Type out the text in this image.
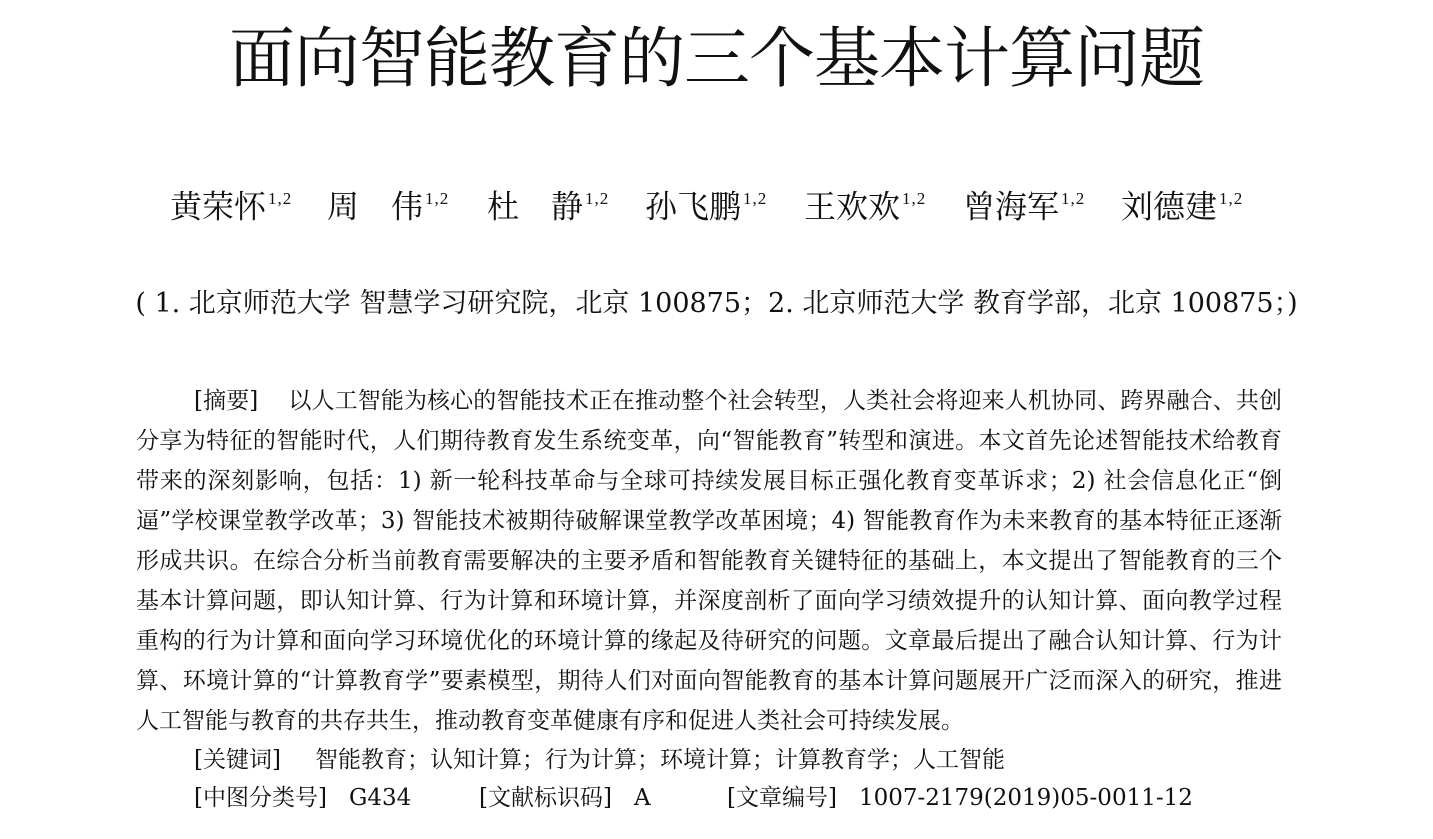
面向智能教育的三个基本计算问题
黄荣怀 $^{1,2}$ 周　伟 $^{1,2}$ 杜　静 $^{1,2}$ 孙飞鹏 $^{1,2}$ 王欢欢 $^{1,2}$ 曾海军 $^{1,2}$ 刘德建 $^{1,2}$
( 1. 北京师范大学 智慧学习研究院，北京 100875；2. 北京师范大学 教育学部，北京 100875；)

[摘要] 以人工智能为核心的智能技术正在推动整个社会转型，人类社会将迎来人机协同、跨界融合、共创分享为特征的智能时代，人们期待教育发生系统变革，向“智能教育”转型和演进。本文首先论述智能技术给教育带来的深刻影响，包括：1) 新一轮科技革命与全球可持续发展目标正强化教育变革诉求；2) 社会信息化正“倒逼”学校课堂教学改革；3) 智能技术被期待破解课堂教学改革困境；4) 智能教育作为未来教育的基本特征正逐渐形成共识。在综合分析当前教育需要解决的主要矛盾和智能教育关键特征的基础上，本文提出了智能教育的三个基本计算问题，即认知计算、行为计算和环境计算，并深度剖析了面向学习绩效提升的认知计算、面向教学过程重构的行为计算和面向学习环境优化的环境计算的缘起及待研究的问题。文章最后提出了融合认知计算、行为计算、环境计算的“计算教育学”要素模型，期待人们对面向智能教育的基本计算问题展开广泛而深入的研究，推进人工智能与教育的共存共生，推动教育变革健康有序和促进人类社会可持续发展。

[关键词] 智能教育；认知计算；行为计算；环境计算；计算教育学；人工智能
[中图分类号] G434	[文献标识码] A	[文章编号] 1007-2179(2019)05-0011-12
